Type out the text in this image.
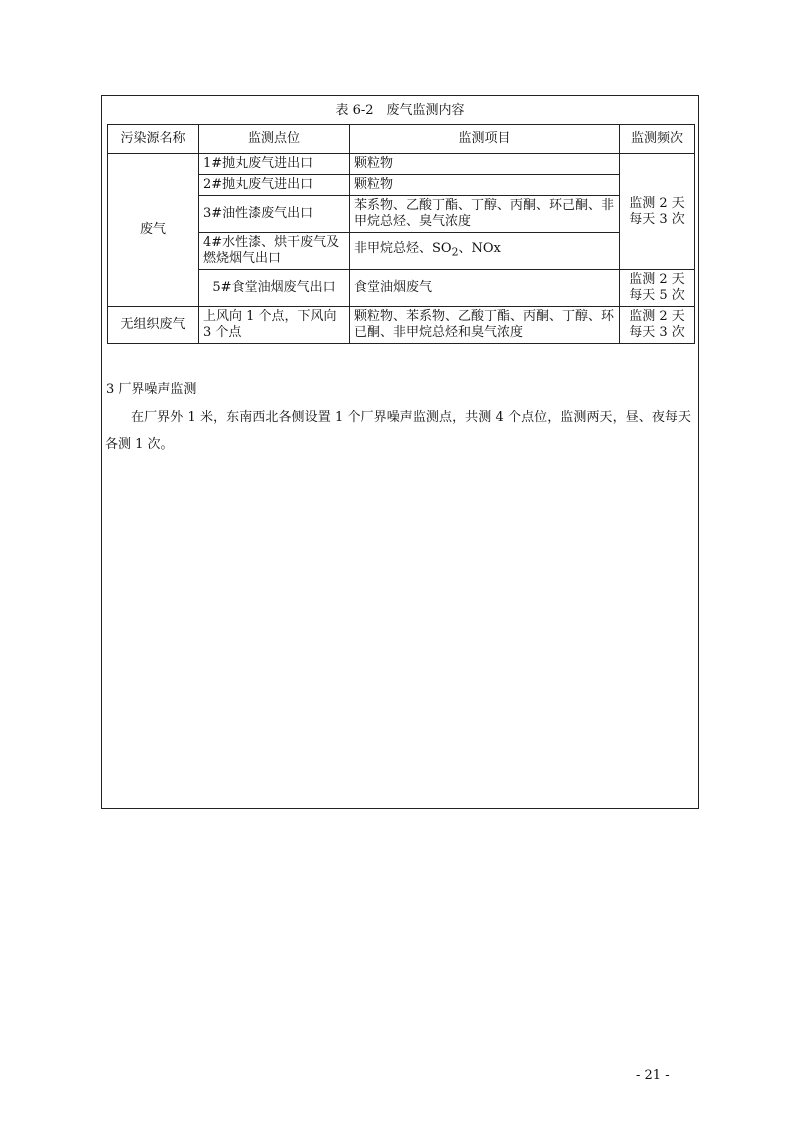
表 6-2　废气监测内容
污染源名称	监测点位	监测项目	监测频次
废气	1#抛丸废气进出口	颗粒物	监测 2 天
每天 3 次

	2#抛丸废气进出口	颗粒物	
	3#油性漆废气出口	苯系物、乙酸丁酯、丁醇、丙酮、环己酮、非甲烷总烃、臭气浓度	
	4#水性漆、烘干废气及燃烧烟气出口	非甲烷总烃、$SO_2$、NOx	
	5#食堂油烟废气出口	食堂油烟废气	监测 2 天
每天 5 次

无组织废气	上风向 1 个点，下风向 3 个点	颗粒物、苯系物、乙酸丁酯、丙酮、丁醇、环已酮、非甲烷总烃和臭气浓度	监测 2 天
每天 3 次
3 厂界噪声监测
在厂界外 1 米，东南西北各侧设置 1 个厂界噪声监测点，共测 4 个点位，监测两天，昼、夜每天各测 1 次。
- 21 -
